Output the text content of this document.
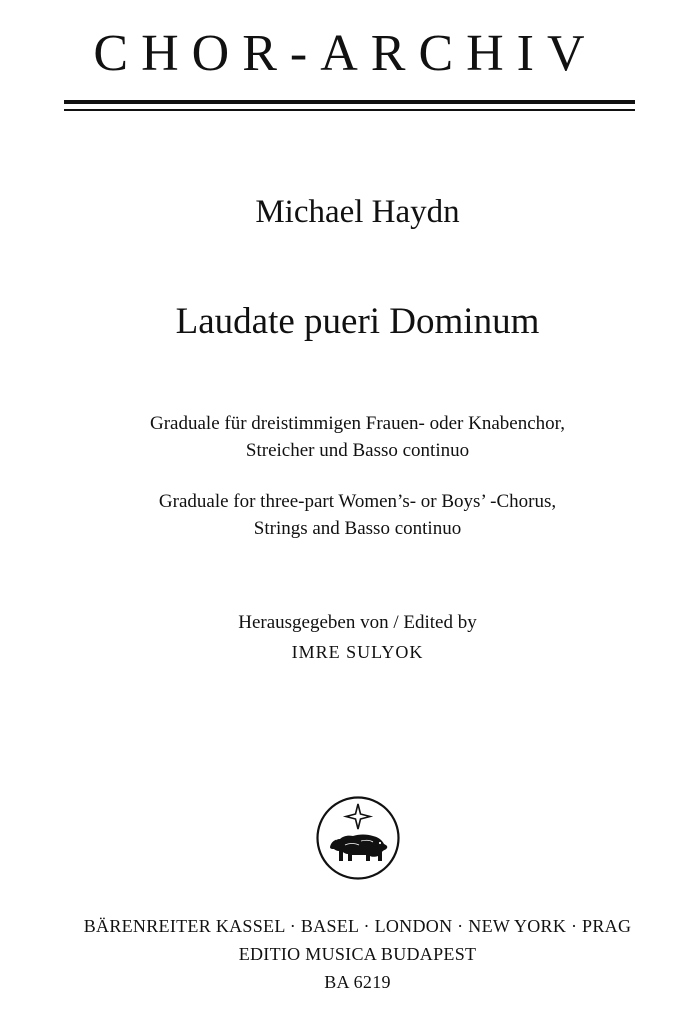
CHOR-ARCHIV
Michael Haydn
Laudate pueri Dominum
Graduale für dreistimmigen Frauen- oder Knabenchor,
Streicher und Basso continuo
Graduale for three-part Women’s- or Boys’ -Chorus,
Strings and Basso continuo
Herausgegeben von / Edited by
IMRE SULYOK
BÄRENREITER KASSEL · BASEL · LONDON · NEW YORK · PRAG
EDITIO MUSICA BUDAPEST
BA 6219
